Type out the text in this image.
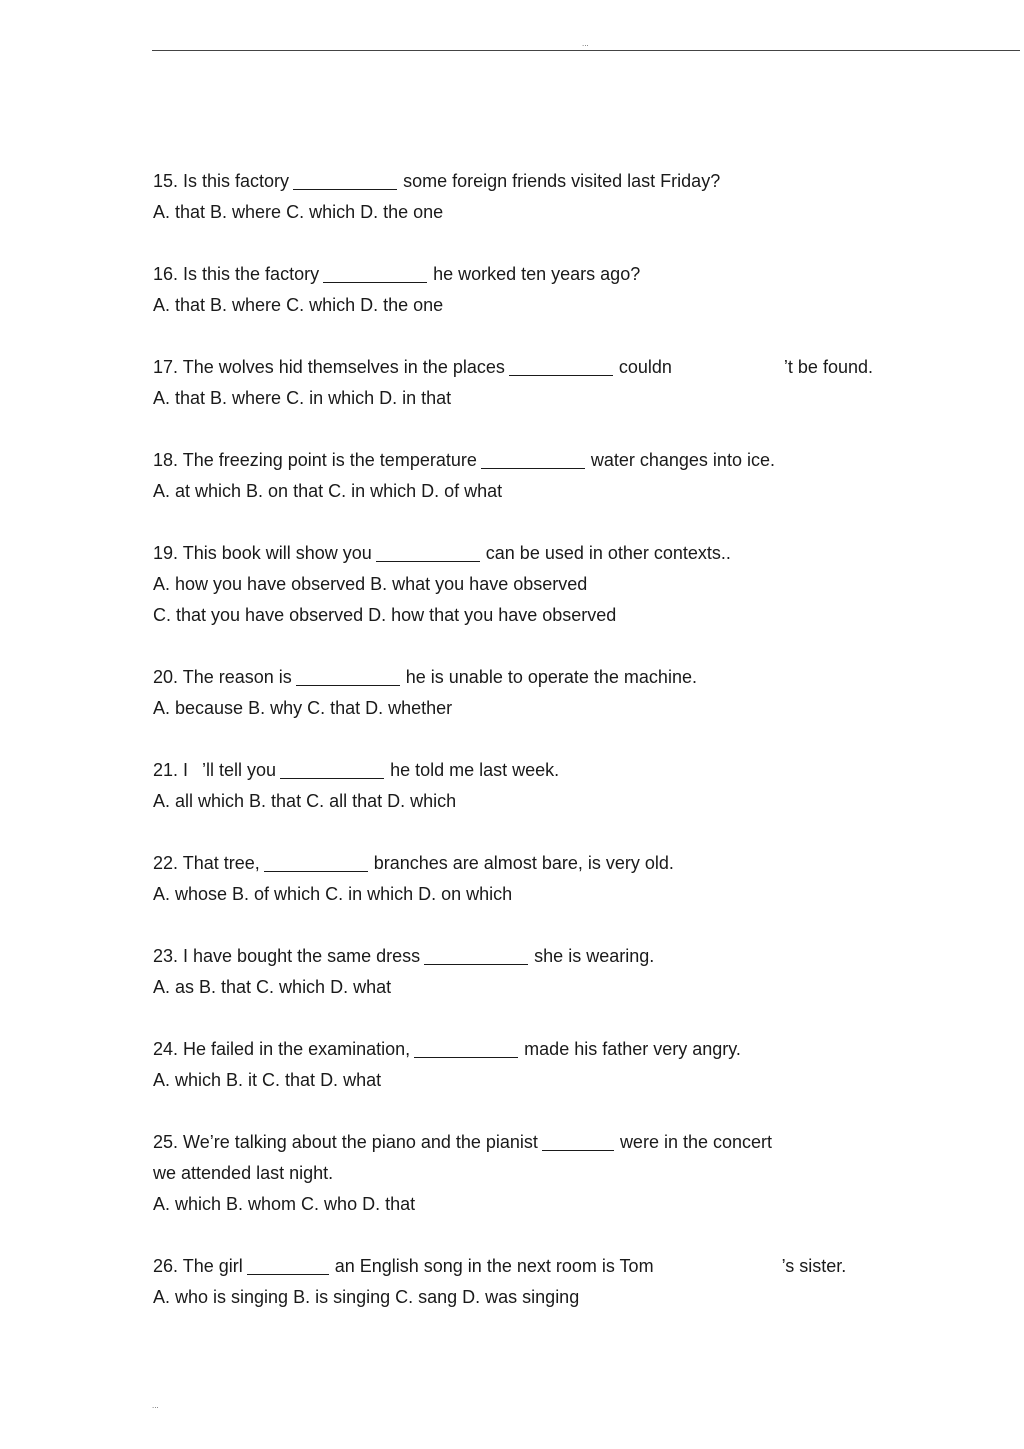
...
15. Is this factory	some foreign friends visited last Friday?
A. that B. where C. which D. the one
16. Is this the factory	he worked ten years ago?
A. that B. where C. which D. the one
17. The wolves hid themselves in the places	couldn	’t be found.
A. that B. where C. in which D. in that
18. The freezing point is the temperature	water changes into ice.
A. at which B. on that C. in which D. of what
19. This book will show you	can be used in other contexts..
A. how you have observed B. what you have observed
C. that you have observed D. how that you have observed
20. The reason is	he is unable to operate the machine.
A. because B. why C. that D. whether
21. I ’ll tell you	he told me last week.
A. all which B. that C. all that D. which
22. That tree,	branches are almost bare, is very old.
A. whose B. of which C. in which D. on which
23. I have bought the same dress	she is wearing.
A. as B. that C. which D. what
24. He failed in the examination,	made his father very angry.
A. which B. it C. that D. what
25. We’re talking about the piano and the pianist	were in the concert
we attended last night.
A. which B. whom C. who D. that
26. The girl	an English song in the next room is Tom	’s sister.
A. who is singing B. is singing C. sang D. was singing
...
